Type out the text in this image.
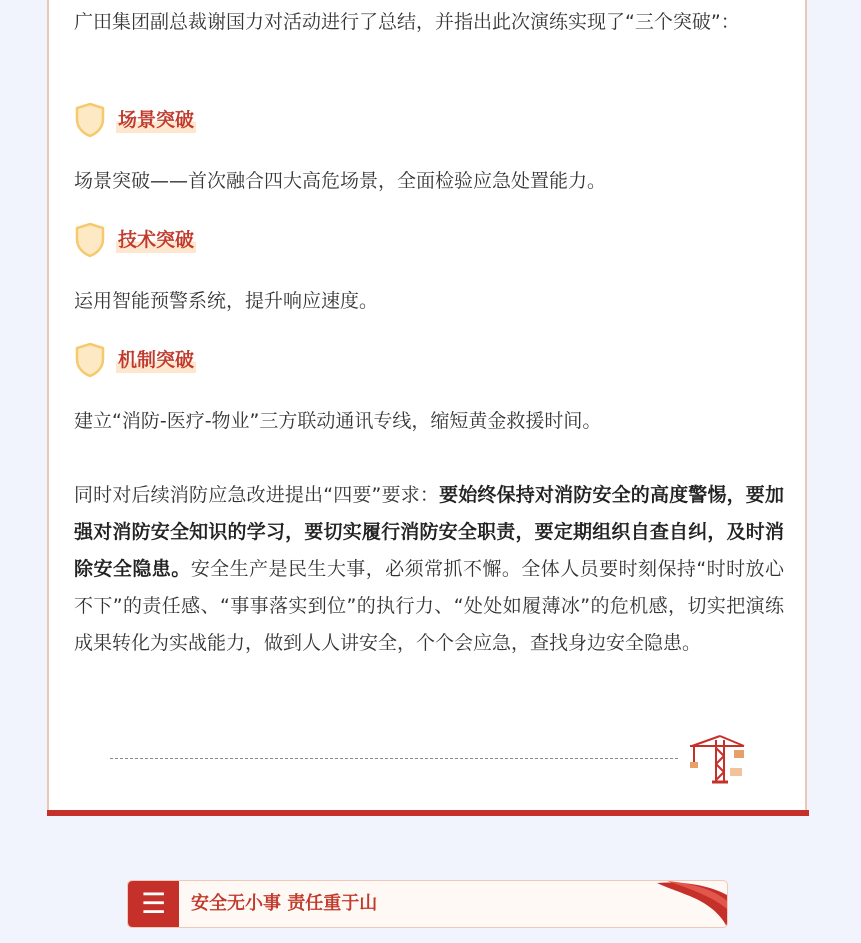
广田集团副总裁谢国力对活动进行了总结，并指出此次演练实现了“三个突破”：

场景突破

场景突破——首次融合四大高危场景，全面检验应急处置能力。

技术突破

运用智能预警系统，提升响应速度。

机制突破

建立“消防-医疗-物业”三方联动通讯专线，缩短黄金救援时间。

同时对后续消防应急改进提出“四要”要求：要始终保持对消防安全的高度警惕，要加强对消防安全知识的学习，要切实履行消防安全职责，要定期组织自查自纠，及时消除安全隐患。安全生产是民生大事，必须常抓不懈。全体人员要时刻保持“时时放心不下”的责任感、“事事落实到位”的执行力、“处处如履薄冰”的危机感，切实把演练成果转化为实战能力，做到人人讲安全，个个会应急，查找身边安全隐患。

☰	安全无小事 责任重于山
